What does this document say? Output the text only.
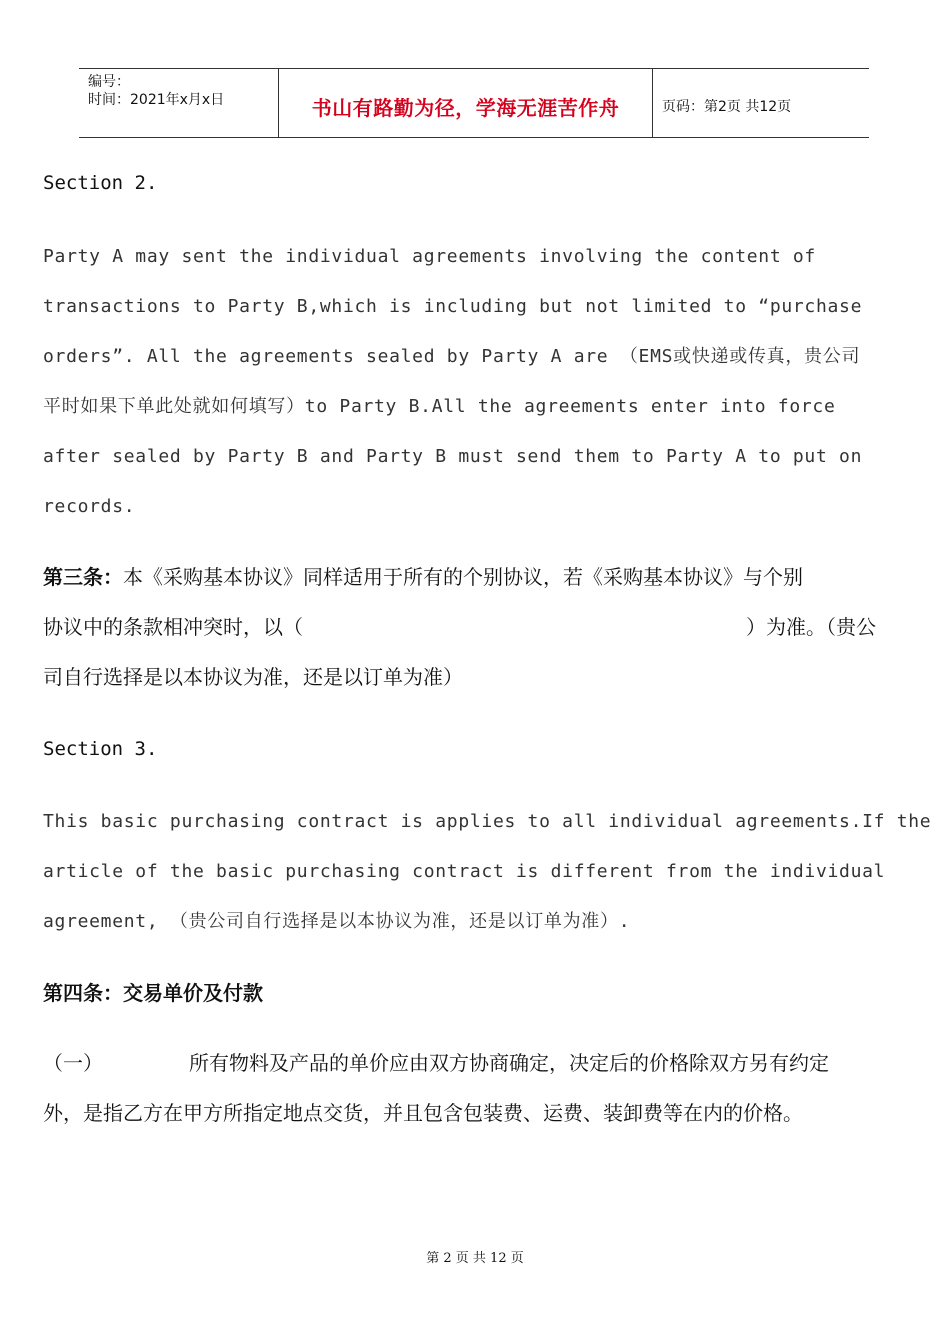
编号：
时间：2021年x月x日	书山有路勤为径，学海无涯苦作舟	页码：第2页 共12页
Section 2.
Party A may sent the individual agreements involving the content of
transactions to Party B,which is including but not limited to “purchase
orders”. All the agreements sealed by Party A are （EMS或快递或传真，贵公司
平时如果下单此处就如何填写）to Party B.All the agreements enter into force
after sealed by Party B and Party B must send them to Party A to put on
records.
第三条：本《采购基本协议》同样适用于所有的个别协议，若《采购基本协议》与个别
协议中的条款相冲突时，以（	）为准。（贵公
司自行选择是以本协议为准，还是以订单为准）
Section 3.
This basic purchasing contract is applies to all individual agreements.If the
article of the basic purchasing contract is different from the individual
agreement, （贵公司自行选择是以本协议为准，还是以订单为准）.
第四条：交易单价及付款
（一）	所有物料及产品的单价应由双方协商确定，决定后的价格除双方另有约定
外，是指乙方在甲方所指定地点交货，并且包含包装费、运费、装卸费等在内的价格。
第 2 页 共 12 页
